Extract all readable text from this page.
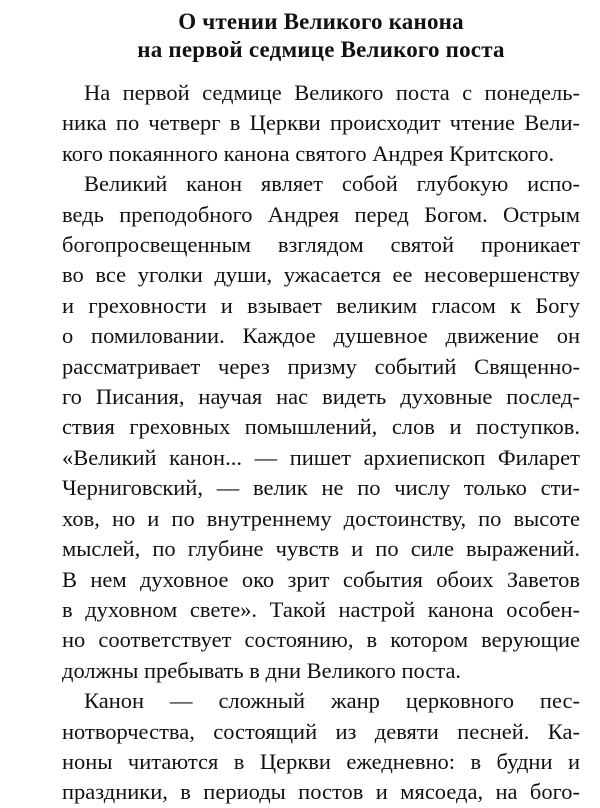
О чтении Великого канона
на первой седмице Великого поста

На первой седмице Великого поста с понедель-
ника по четверг в Церкви происходит чтение Вели-
кого покаянного канона святого Андрея Критского.

Великий канон являет собой глубокую испо-
ведь преподобного Андрея перед Богом. Острым
богопросвещенным взглядом святой проникает
во все уголки души, ужасается ее несовершенству
и греховности и взывает великим гласом к Богу
о помиловании. Каждое душевное движение он
рассматривает через призму событий Священно-
го Писания, научая нас видеть духовные послед-
ствия греховных помышлений, слов и поступков.
«Великий канон... — пишет архиепископ Филарет
Черниговский, — велик не по числу только сти-
хов, но и по внутреннему достоинству, по высоте
мыслей, по глубине чувств и по силе выражений.
В нем духовное око зрит события обоих Заветов
в духовном свете». Такой настрой канона особен-
но соответствует состоянию, в котором верующие
должны пребывать в дни Великого поста.

Канон — сложный жанр церковного пес-
нотворчества, состоящий из девяти песней. Ка-
ноны читаются в Церкви ежедневно: в будни и
праздники, в периоды постов и мясоеда, на бого-
